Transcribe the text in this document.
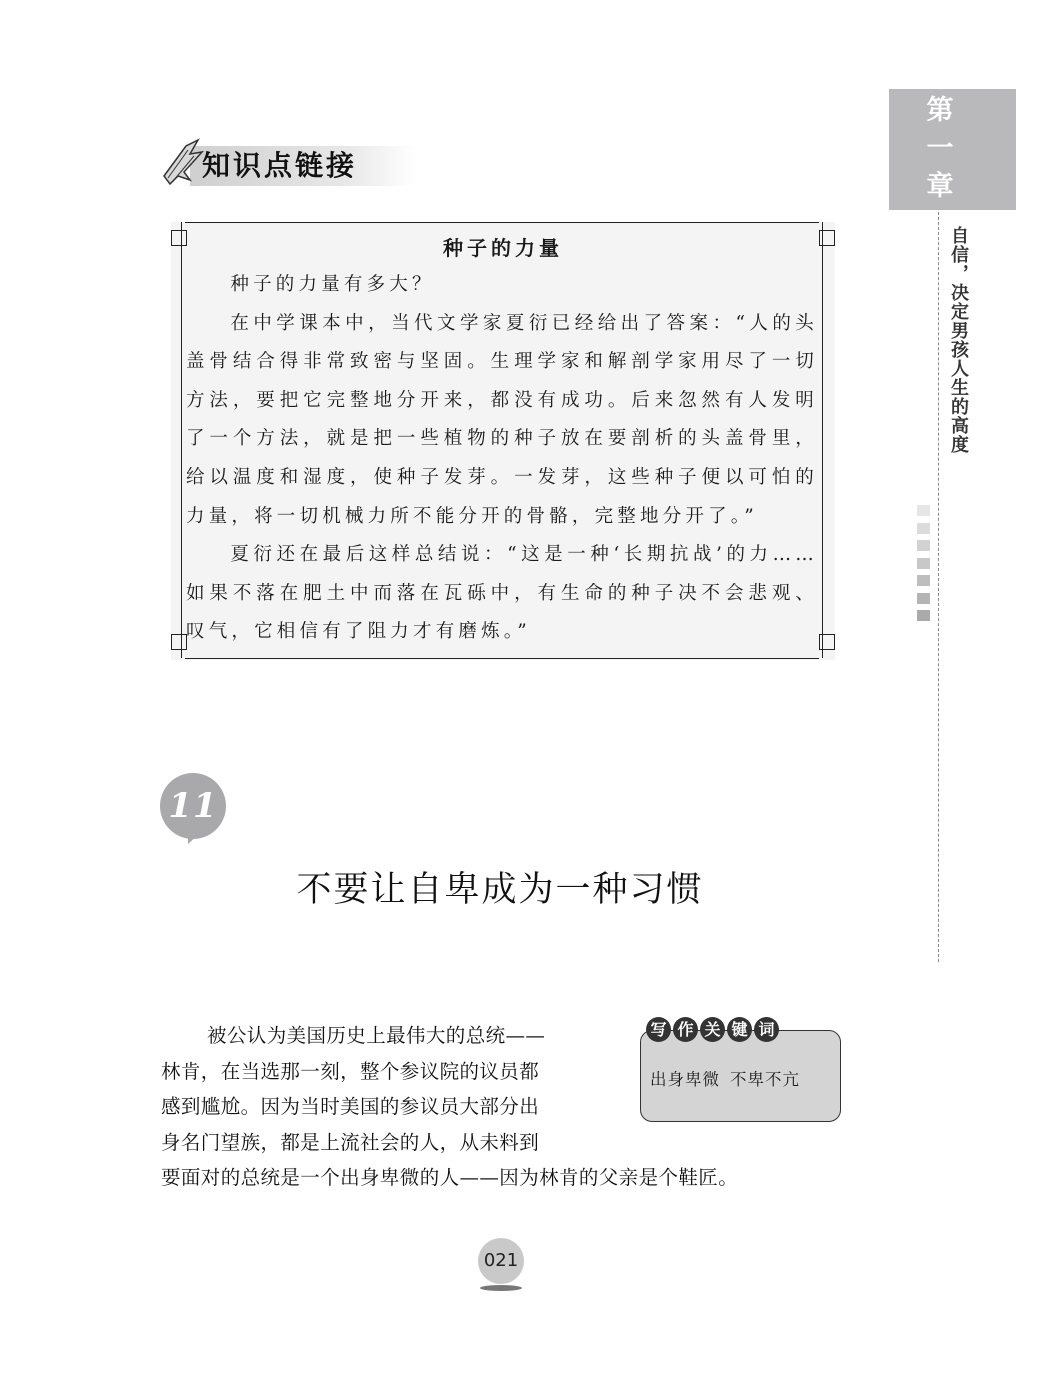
第
一
章
自信，决定男孩人生的高度
知识点链接
种子的力量

种子的力量有多大？

在中学课本中，当代文学家夏衍已经给出了答案：“人的头盖骨结合得非常致密与坚固。生理学家和解剖学家用尽了一切方法，要把它完整地分开来，都没有成功。后来忽然有人发明了一个方法，就是把一些植物的种子放在要剖析的头盖骨里，给以温度和湿度，使种子发芽。一发芽，这些种子便以可怕的力量，将一切机械力所不能分开的骨骼，完整地分开了。”

夏衍还在最后这样总结说：“这是一种‘长期抗战’的力……如果不落在肥土中而落在瓦砾中，有生命的种子决不会悲观、叹气，它相信有了阻力才有磨炼。”

11
不要让自卑成为一种习惯
写 作 关 键 词
出身卑微 不卑不亢
被公认为美国历史上最伟大的总统——
林肯，在当选那一刻，整个参议院的议员都
感到尴尬。因为当时美国的参议员大部分出
身名门望族，都是上流社会的人，从未料到
要面对的总统是一个出身卑微的人——因为林肯的父亲是个鞋匠。
021
